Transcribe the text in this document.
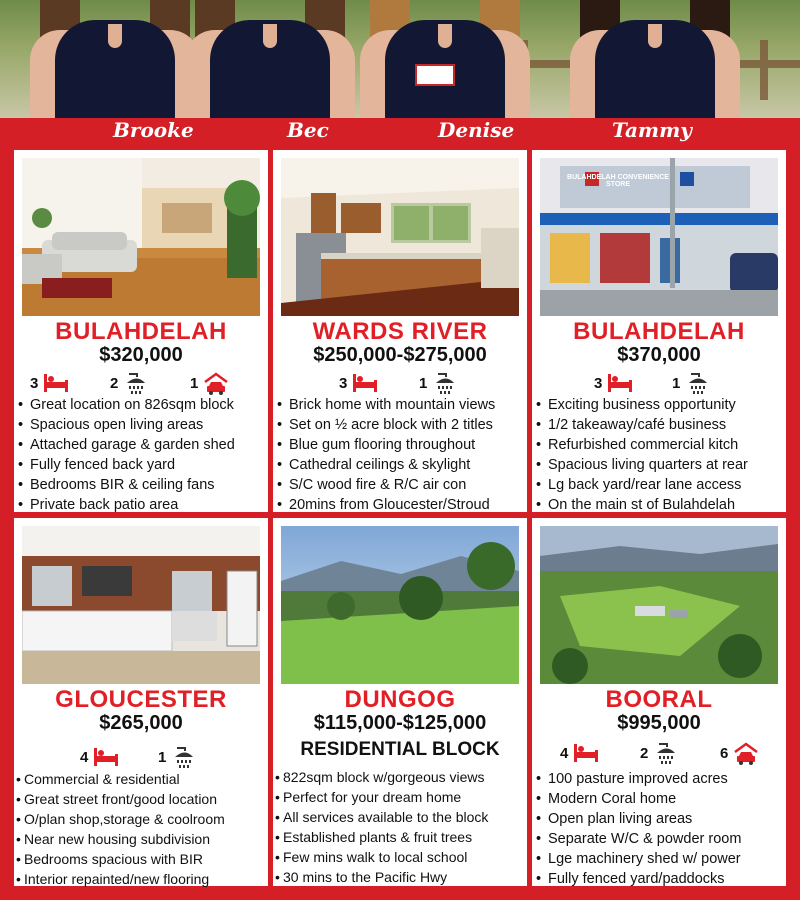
Brooke	Bec	Denise	Tammy
BULAHDELAH
$320,000
3	2	1
• Great location on 826sqm block
• Spacious open living areas
• Attached garage & garden shed
• Fully fenced back yard
• Bedrooms BIR & ceiling fans
• Private back patio area
WARDS RIVER
$250,000-$275,000
3	1
• Brick home with mountain views
• Set on ½ acre block with 2 titles
• Blue gum flooring throughout
• Cathedral ceilings & skylight
• S/C wood fire & R/C air con
• 20mins from Gloucester/Stroud
BULAHDELAH CONVENIENCE STORE
BULAHDELAH
$370,000
3	1
• Exciting business opportunity
• 1/2 takeaway/café business
• Refurbished commercial kitch
• Spacious living quarters at rear
• Lg back yard/rear lane access
• On the main st of Bulahdelah
GLOUCESTER
$265,000
4	1
• Commercial & residential
• Great street front/good location
• O/plan shop,storage & coolroom
• Near new housing subdivision
• Bedrooms spacious with BIR
• Interior repainted/new flooring
DUNGOG
$115,000-$125,000
RESIDENTIAL BLOCK
• 822sqm block w/gorgeous views
• Perfect for your dream home
• All services available to the block
• Established plants & fruit trees
• Few mins walk to local school
• 30 mins to the Pacific Hwy
BOORAL
$995,000
4	2	6
• 100 pasture improved acres
• Modern Coral home
• Open plan living areas
• Separate W/C & powder room
• Lge machinery shed w/ power
• Fully fenced yard/paddocks
